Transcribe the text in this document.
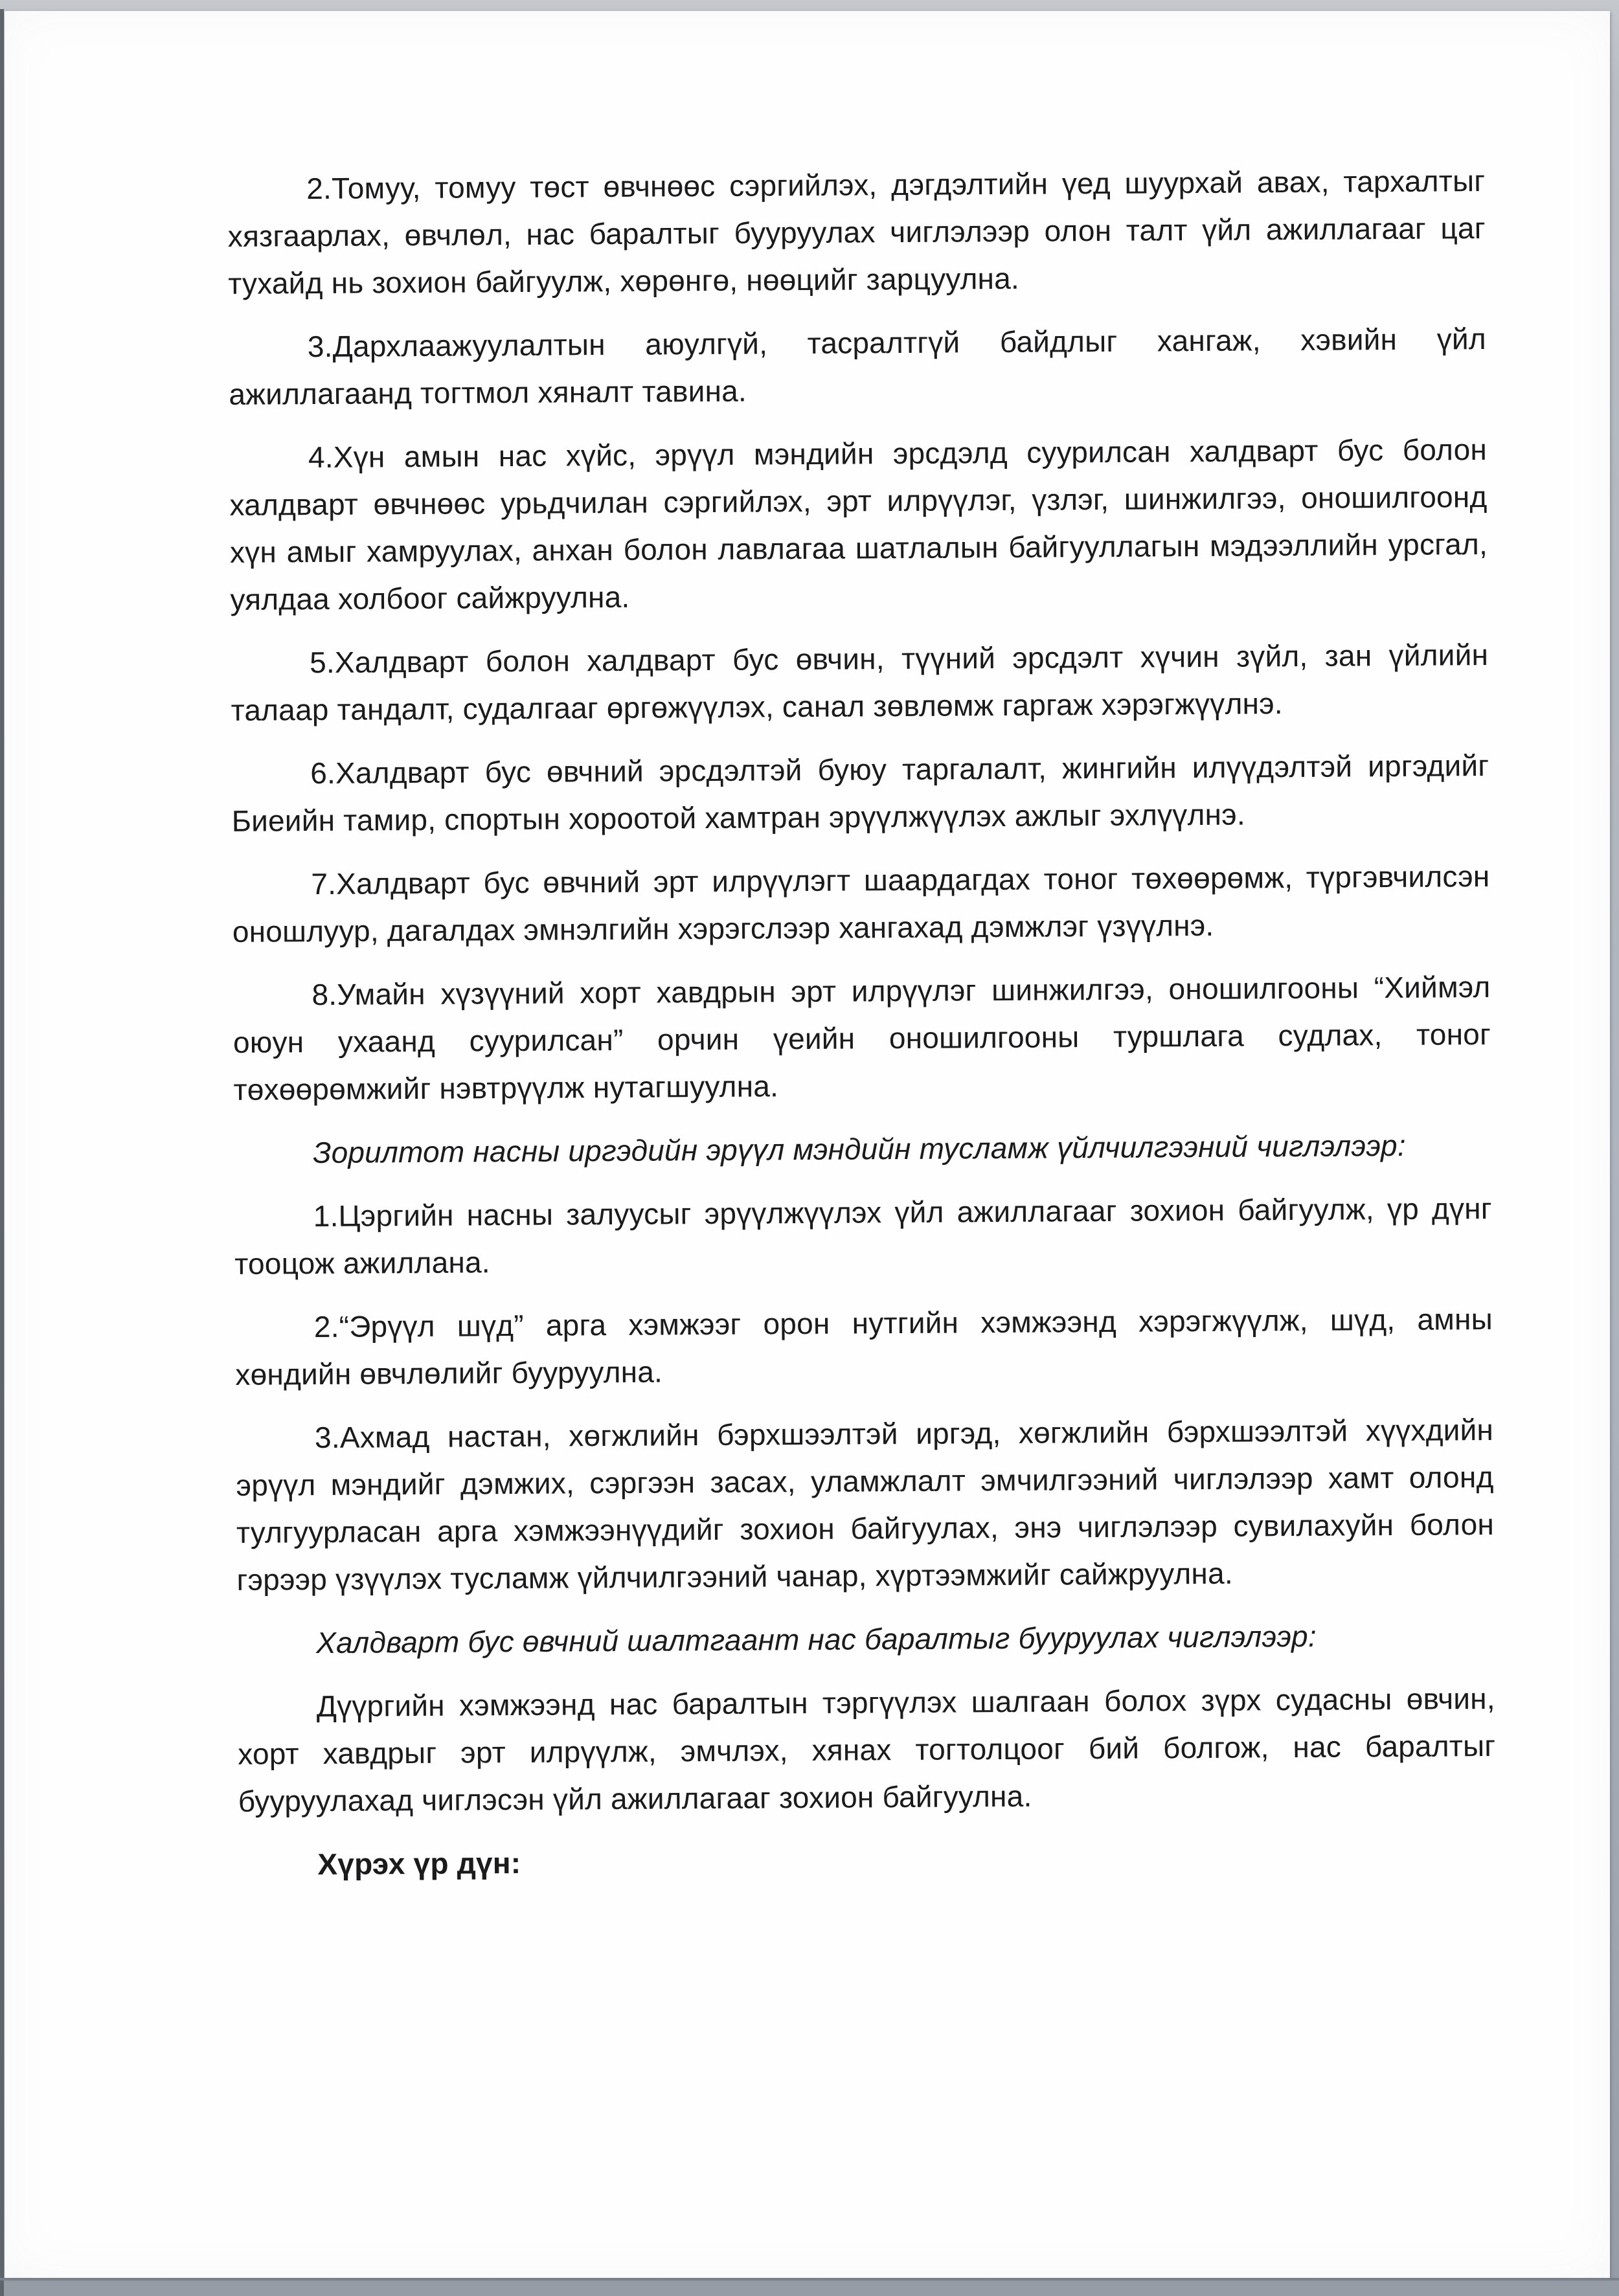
2.Томуу, томуу төст өвчнөөс сэргийлэх, дэгдэлтийн үед шуурхай авах, тархалтыг хязгаарлах, өвчлөл, нас баралтыг бууруулах чиглэлээр олон талт үйл ажиллагааг цаг тухайд нь зохион байгуулж, хөрөнгө, нөөцийг зарцуулна.

3.Дархлаажуулалтын аюулгүй, тасралтгүй байдлыг хангаж, хэвийн үйл ажиллагаанд тогтмол хяналт тавина.

4.Хүн амын нас хүйс, эрүүл мэндийн эрсдэлд суурилсан халдварт бус болон халдварт өвчнөөс урьдчилан сэргийлэх, эрт илрүүлэг, үзлэг, шинжилгээ, оношилгоонд хүн амыг хамруулах, анхан болон лавлагаа шатлалын байгууллагын мэдээллийн урсгал, уялдаа холбоог сайжруулна.

5.Халдварт болон халдварт бус өвчин, түүний эрсдэлт хүчин зүйл, зан үйлийн талаар тандалт, судалгааг өргөжүүлэх, санал зөвлөмж гаргаж хэрэгжүүлнэ.

6.Халдварт бус өвчний эрсдэлтэй буюу таргалалт, жингийн илүүдэлтэй иргэдийг Биеийн тамир, спортын хороотой хамтран эрүүлжүүлэх ажлыг эхлүүлнэ.

7.Халдварт бус өвчний эрт илрүүлэгт шаардагдах тоног төхөөрөмж, түргэвчилсэн оношлуур, дагалдах эмнэлгийн хэрэгслээр хангахад дэмжлэг үзүүлнэ.

8.Умайн хүзүүний хорт хавдрын эрт илрүүлэг шинжилгээ, оношилгооны “Хиймэл оюун ухаанд суурилсан” орчин үеийн оношилгооны туршлага судлах, тоног төхөөрөмжийг нэвтрүүлж нутагшуулна.

Зорилтот насны иргэдийн эрүүл мэндийн тусламж үйлчилгээний чиглэлээр:

1.Цэргийн насны залуусыг эрүүлжүүлэх үйл ажиллагааг зохион байгуулж, үр дүнг тооцож ажиллана.

2.“Эрүүл шүд” арга хэмжээг орон нутгийн хэмжээнд хэрэгжүүлж, шүд, амны хөндийн өвчлөлийг бууруулна.

3.Ахмад настан, хөгжлийн бэрхшээлтэй иргэд, хөгжлийн бэрхшээлтэй хүүхдийн эрүүл мэндийг дэмжих, сэргээн засах, уламжлалт эмчилгээний чиглэлээр хамт олонд тулгуурласан арга хэмжээнүүдийг зохион байгуулах, энэ чиглэлээр сувилахуйн болон гэрээр үзүүлэх тусламж үйлчилгээний чанар, хүртээмжийг сайжруулна.

Халдварт бус өвчний шалтгаант нас баралтыг бууруулах чиглэлээр:

Дүүргийн хэмжээнд нас баралтын тэргүүлэх шалгаан болох зүрх судасны өвчин, хорт хавдрыг эрт илрүүлж, эмчлэх, хянах тогтолцоог бий болгож, нас баралтыг бууруулахад чиглэсэн үйл ажиллагааг зохион байгуулна.

Хүрэх үр дүн:
